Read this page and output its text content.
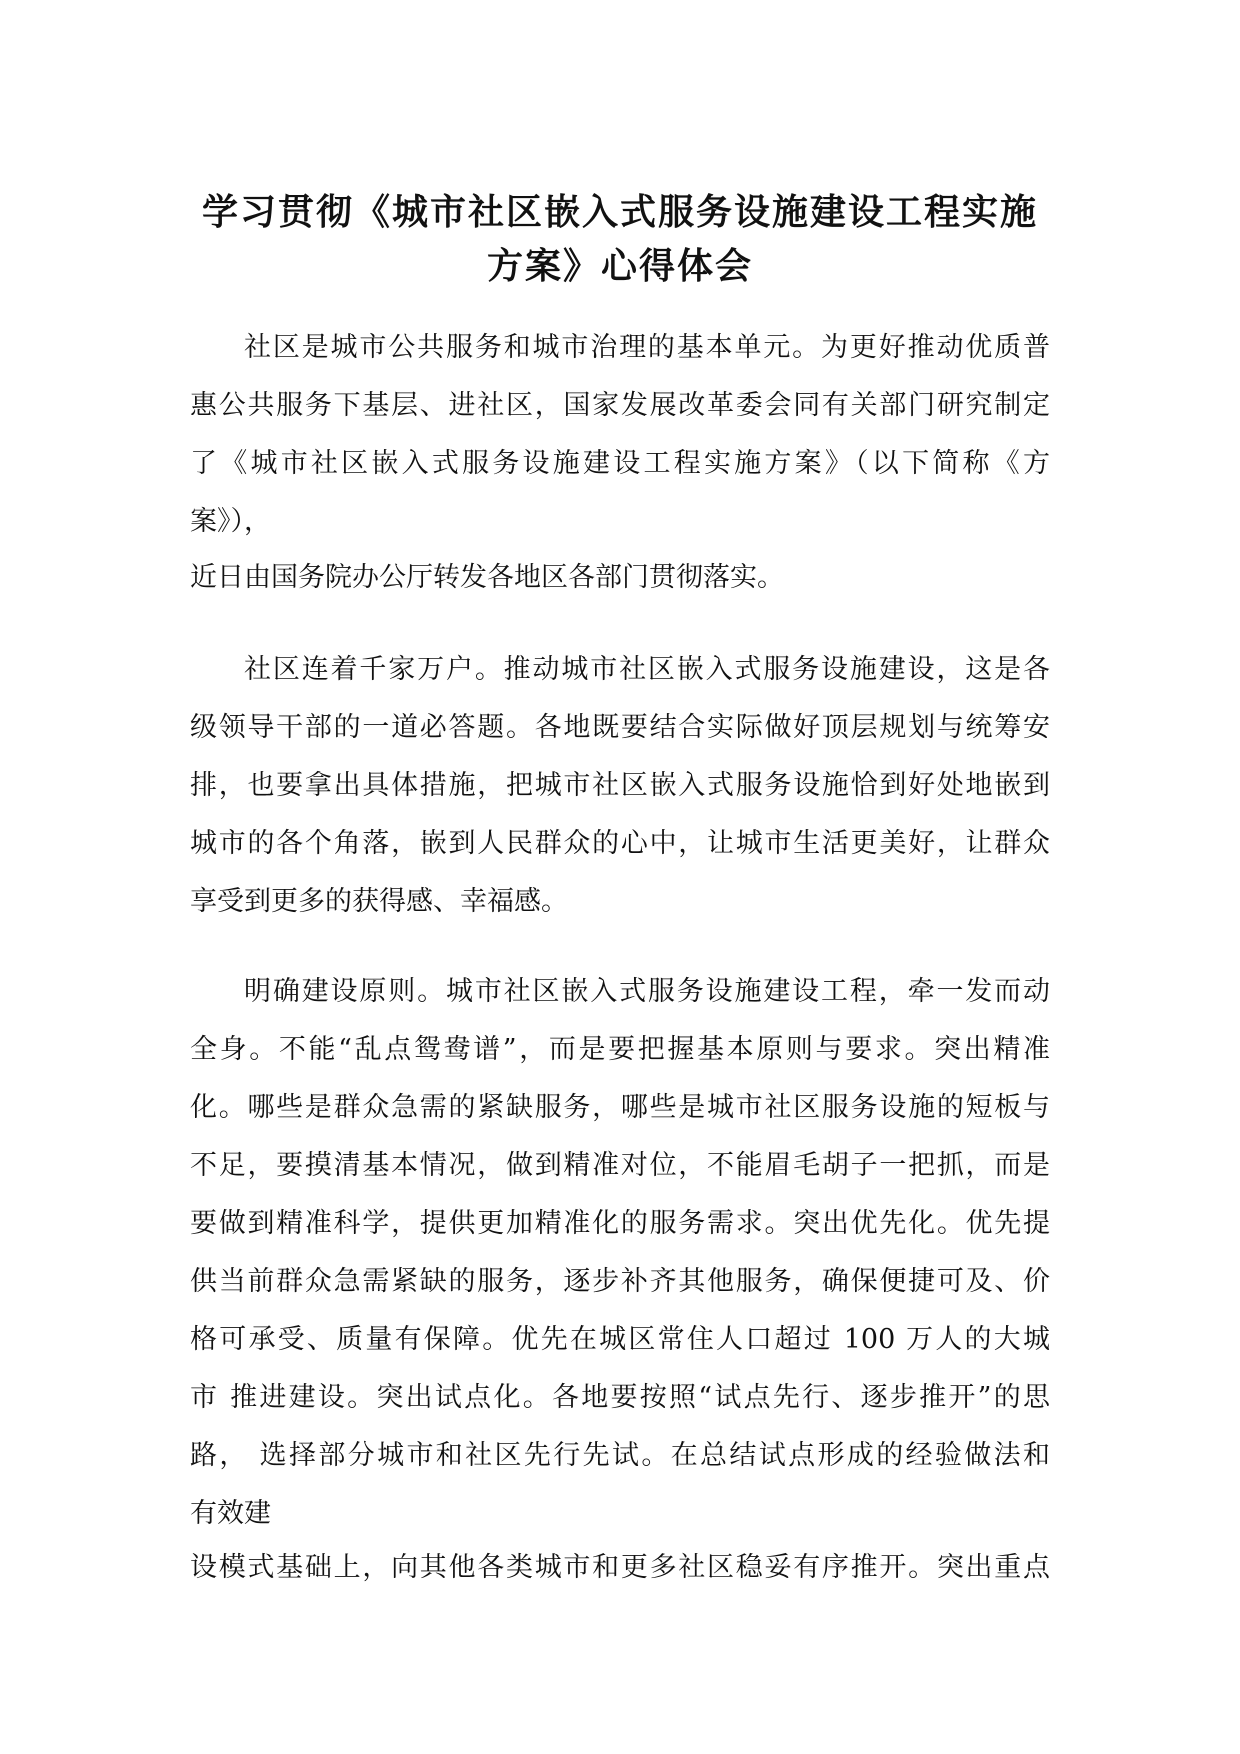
学习贯彻《城市社区嵌入式服务设施建设工程实施
方案》心得体会

社区是城市公共服务和城市治理的基本单元。为更好推动优质普

惠公共服务下基层、进社区，国家发展改革委会同有关部门研究制定

了《城市社区嵌入式服务设施建设工程实施方案》（以下简称《方

案》），

近日由国务院办公厅转发各地区各部门贯彻落实。

社区连着千家万户。推动城市社区嵌入式服务设施建设，这是各

级领导干部的一道必答题。各地既要结合实际做好顶层规划与统筹安

排，也要拿出具体措施，把城市社区嵌入式服务设施恰到好处地嵌到

城市的各个角落，嵌到人民群众的心中，让城市生活更美好，让群众

享受到更多的获得感、幸福感。

明确建设原则。城市社区嵌入式服务设施建设工程，牵一发而动

全身。不能“乱点鸳鸯谱”，而是要把握基本原则与要求。突出精准

化。哪些是群众急需的紧缺服务，哪些是城市社区服务设施的短板与

不足，要摸清基本情况，做到精准对位，不能眉毛胡子一把抓，而是

要做到精准科学，提供更加精准化的服务需求。突出优先化。优先提

供当前群众急需紧缺的服务，逐步补齐其他服务，确保便捷可及、价

格可承受、质量有保障。优先在城区常住人口超过 100 万人的大城

市 推进建设。突出试点化。各地要按照“试点先行、逐步推开”的思

路， 选择部分城市和社区先行先试。在总结试点形成的经验做法和

有效建

设模式基础上，向其他各类城市和更多社区稳妥有序推开。突出重点
